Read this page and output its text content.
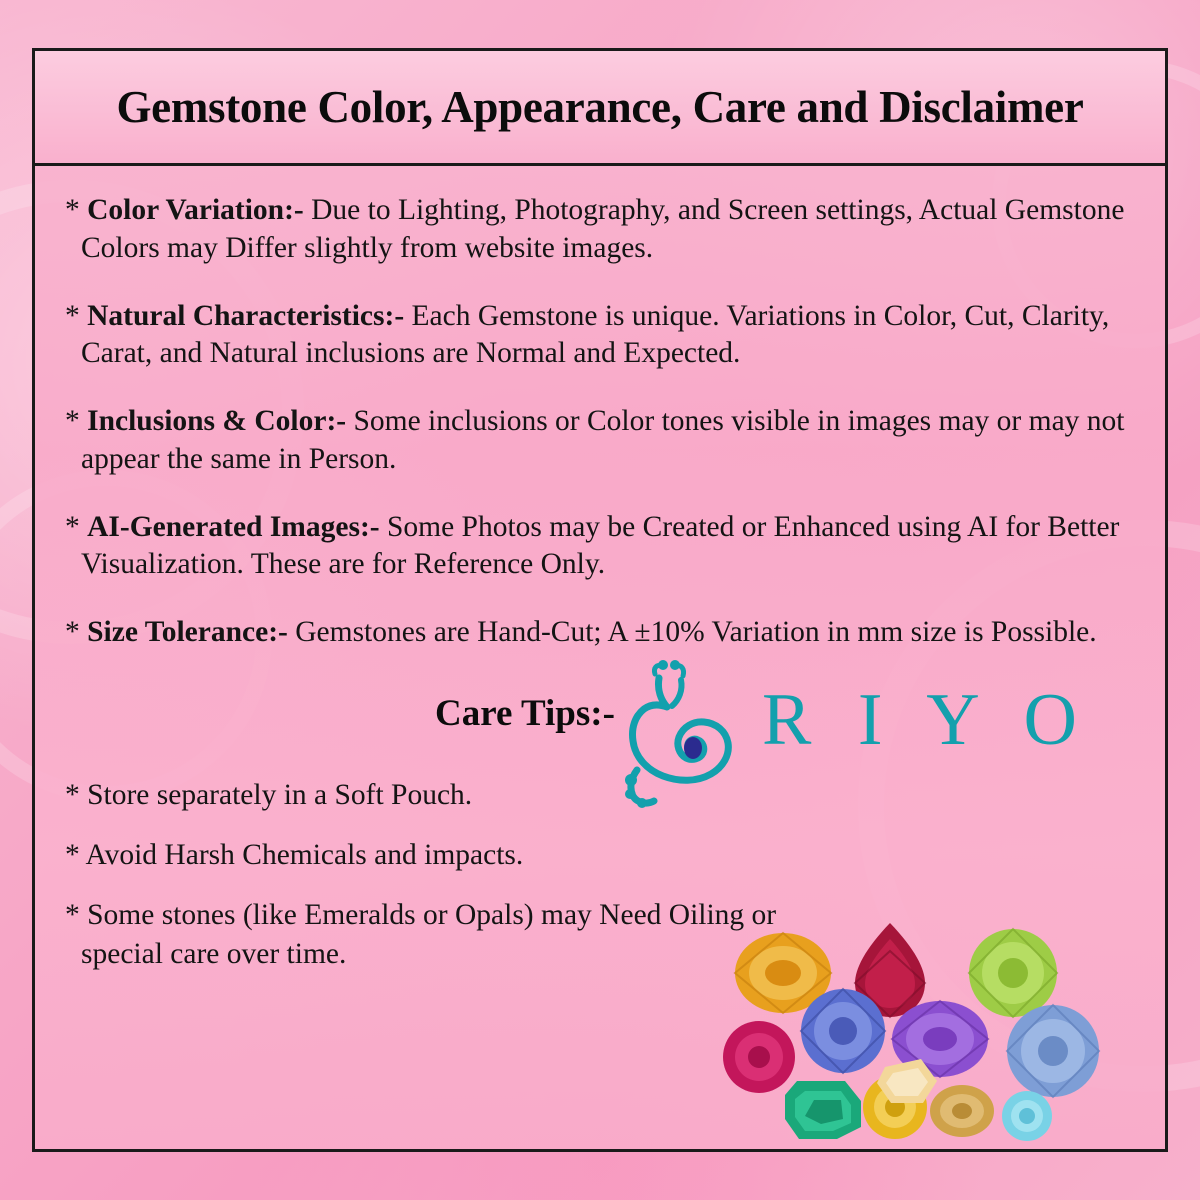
Gemstone Color, Appearance, Care and Disclaimer

* Color Variation:- Due to Lighting, Photography, and Screen settings, Actual Gemstone Colors may Differ slightly from website images.

* Natural Characteristics:- Each Gemstone is unique. Variations in Color, Cut, Clarity, Carat, and Natural inclusions are Normal and Expected.

* Inclusions & Color:- Some inclusions or Color tones visible in images may or may not appear the same in Person.

* AI-Generated Images:- Some Photos may be Created or Enhanced using AI for Better Visualization. These are for Reference Only.

* Size Tolerance:- Gemstones are Hand-Cut; A ±10% Variation in mm size is Possible.

Care Tips:- R I Y O

* Store separately in a Soft Pouch.

* Avoid Harsh Chemicals and impacts.

* Some stones (like Emeralds or Opals) may Need Oiling or special care over time.
